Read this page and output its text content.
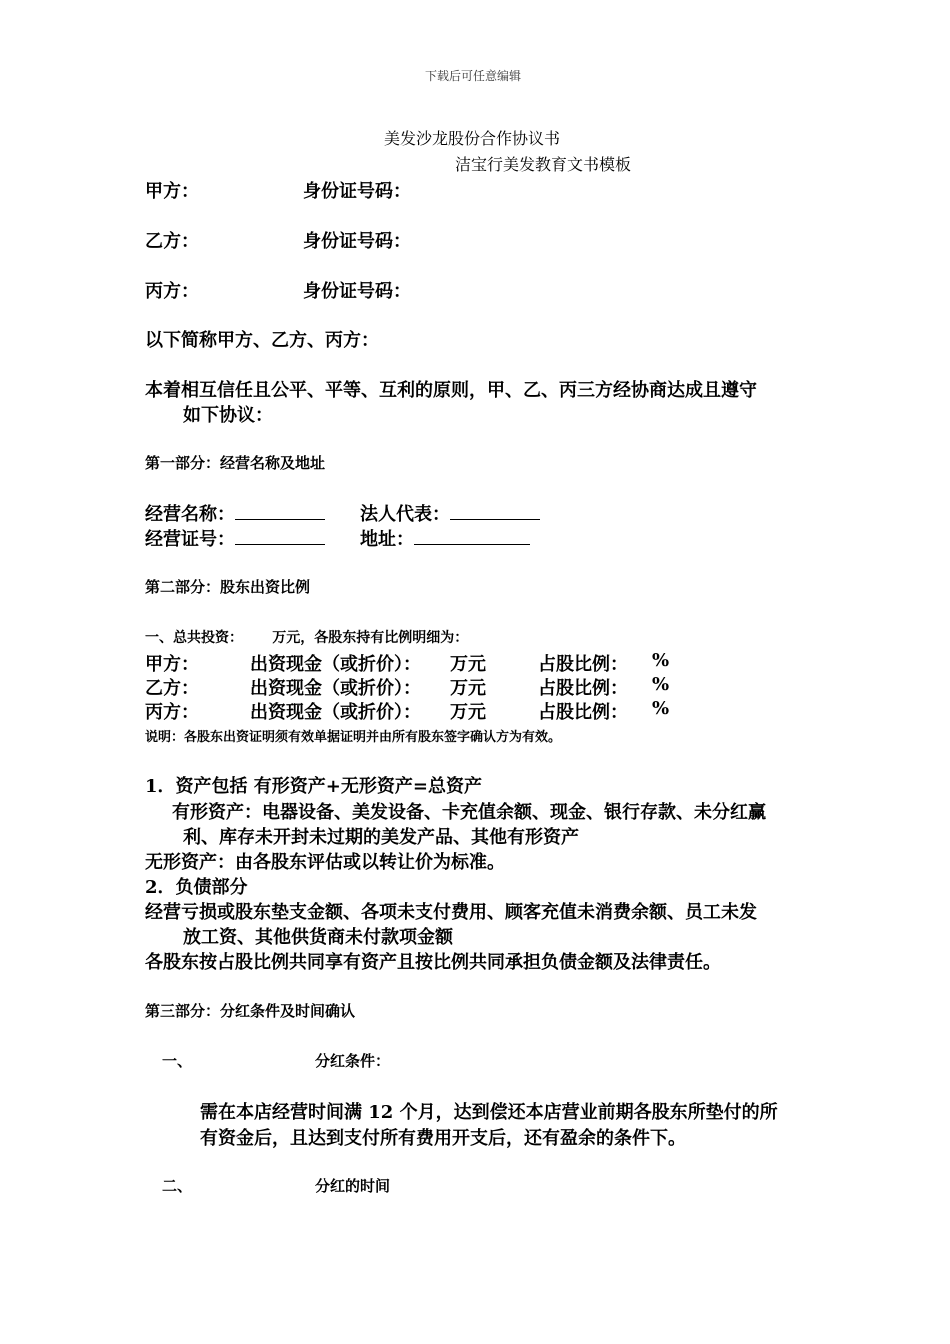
下载后可任意编辑
美发沙龙股份合作协议书
洁宝行美发教育文书模板
甲方：	身份证号码：
乙方：	身份证号码：
丙方：	身份证号码：
以下简称甲方、乙方、丙方：
本着相互信任且公平、平等、互利的原则，甲、乙、丙三方经协商达成且遵守
如下协议：
第一部分：经营名称及地址
经营名称：	法人代表：
经营证号：	地址：
第二部分：股东出资比例
一、总共投资：      万元，各股东持有比例明细为：
甲方：	出资现金（或折价）： 万元	占股比例： %
乙方：	出资现金（或折价）： 万元	占股比例： %
丙方：	出资现金（或折价）： 万元	占股比例： %
说明：各股东出资证明须有效单据证明并由所有股东签字确认方为有效。
1．资产包括 有形资产+无形资产=总资产
有形资产：电器设备、美发设备、卡充值余额、现金、银行存款、未分红赢
利、库存未开封未过期的美发产品、其他有形资产
无形资产：由各股东评估或以转让价为标准。
2．负债部分
经营亏损或股东垫支金额、各项未支付费用、顾客充值未消费余额、员工未发
放工资、其他供货商未付款项金额
各股东按占股比例共同享有资产且按比例共同承担负债金额及法律责任。
第三部分：分红条件及时间确认
一、	分红条件：
需在本店经营时间满 12 个月，达到偿还本店营业前期各股东所垫付的所
有资金后，且达到支付所有费用开支后，还有盈余的条件下。
二、	分红的时间
